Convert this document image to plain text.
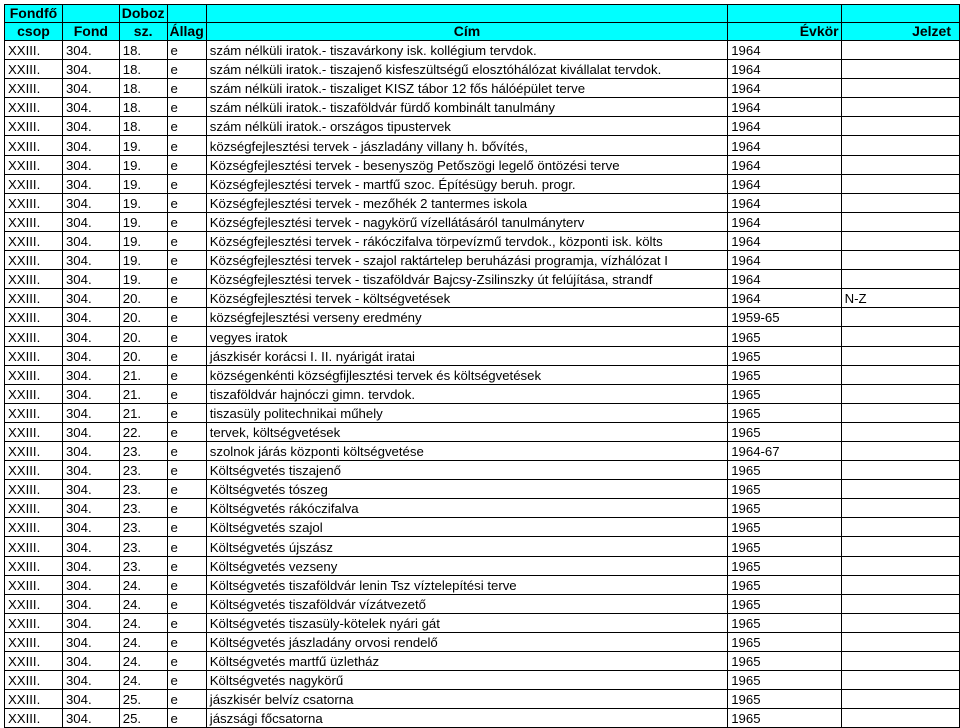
Fondfő		Doboz				
csop	Fond	sz.	Állag	Cím	Évkör	Jelzet
XXIII.	304.	18.	e	szám nélküli iratok.- tiszavárkony isk. kollégium tervdok.	1964	
XXIII.	304.	18.	e	szám nélküli iratok.- tiszajenő kisfeszültségű elosztóhálózat kivállalat tervdok.	1964	
XXIII.	304.	18.	e	szám nélküli iratok.- tiszaliget KISZ tábor 12 fős hálóépület terve	1964	
XXIII.	304.	18.	e	szám nélküli iratok.- tiszaföldvár fürdő kombinált tanulmány	1964	
XXIII.	304.	18.	e	szám nélküli iratok.- országos tipustervek	1964	
XXIII.	304.	19.	e	községfejlesztési tervek - jászladány villany h. bővítés,	1964	
XXIII.	304.	19.	e	Községfejlesztési tervek - besenyszög Petőszögi legelő öntözési terve	1964	
XXIII.	304.	19.	e	Községfejlesztési tervek - martfű szoc. Építésügy beruh. progr.	1964	
XXIII.	304.	19.	e	Községfejlesztési tervek - mezőhék 2 tantermes iskola	1964	
XXIII.	304.	19.	e	Községfejlesztési tervek - nagykörű vízellátásáról tanulmányterv	1964	
XXIII.	304.	19.	e	Községfejlesztési tervek - rákóczifalva törpevízmű tervdok., központi isk. költs	1964	
XXIII.	304.	19.	e	Községfejlesztési tervek - szajol raktártelep beruházási programja, vízhálózat I	1964	
XXIII.	304.	19.	e	Községfejlesztési tervek - tiszaföldvár Bajcsy-Zsilinszky út felújítása, strandf	1964	
XXIII.	304.	20.	e	Községfejlesztési tervek - költségvetések	1964	N-Z
XXIII.	304.	20.	e	községfejlesztési verseny eredmény	1959-65	
XXIII.	304.	20.	e	vegyes iratok	1965	
XXIII.	304.	20.	e	jászkisér korácsi I. II. nyárigát iratai	1965	
XXIII.	304.	21.	e	községenkénti községfijlesztési tervek és költségvetések	1965	
XXIII.	304.	21.	e	tiszaföldvár hajnóczi gimn. tervdok.	1965	
XXIII.	304.	21.	e	tiszasüly politechnikai műhely	1965	
XXIII.	304.	22.	e	tervek, költségvetések	1965	
XXIII.	304.	23.	e	szolnok járás központi költségvetése	1964-67	
XXIII.	304.	23.	e	Költségvetés tiszajenő	1965	
XXIII.	304.	23.	e	Költségvetés tószeg	1965	
XXIII.	304.	23.	e	Költségvetés rákóczifalva	1965	
XXIII.	304.	23.	e	Költségvetés szajol	1965	
XXIII.	304.	23.	e	Költségvetés újszász	1965	
XXIII.	304.	23.	e	Költségvetés vezseny	1965	
XXIII.	304.	24.	e	Költségvetés tiszaföldvár lenin Tsz víztelepítési terve	1965	
XXIII.	304.	24.	e	Költségvetés tiszaföldvár vízátvezető	1965	
XXIII.	304.	24.	e	Költségvetés tiszasüly-kötelek nyári gát	1965	
XXIII.	304.	24.	e	Költségvetés jászladány orvosi rendelő	1965	
XXIII.	304.	24.	e	Költségvetés martfű üzletház	1965	
XXIII.	304.	24.	e	Költségvetés nagykörű	1965	
XXIII.	304.	25.	e	jászkisér belvíz csatorna	1965	
XXIII.	304.	25.	e	jászsági főcsatorna	1965	
